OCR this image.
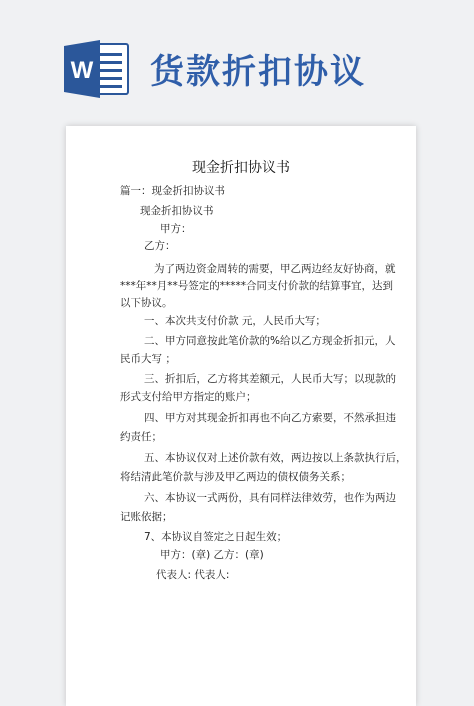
W 货款折扣协议
现金折扣协议书
篇一：现金折扣协议书
现金折扣协议书
甲方：
乙方：
为了两边资金周转的需要，甲乙两边经友好协商，就
***年**月**号签定的*****合同支付价款的结算事宜，达到
以下协议。
一、本次共支付价款 元，人民币大写；
二、甲方同意按此笔价款的%给以乙方现金折扣元，人
民币大写 ；
三、折扣后，乙方将其差额元，人民币大写；以现款的
形式支付给甲方指定的账户；
四、甲方对其现金折扣再也不向乙方索要，不然承担违
约责任；
五、本协议仅对上述价款有效，两边按以上条款执行后，
将结清此笔价款与涉及甲乙两边的债权债务关系；
六、本协议一式两份，具有同样法律效劳，也作为两边
记账依据；
7、本协议自签定之日起生效；
甲方：(章) 乙方：(章)
代表人: 代表人:
